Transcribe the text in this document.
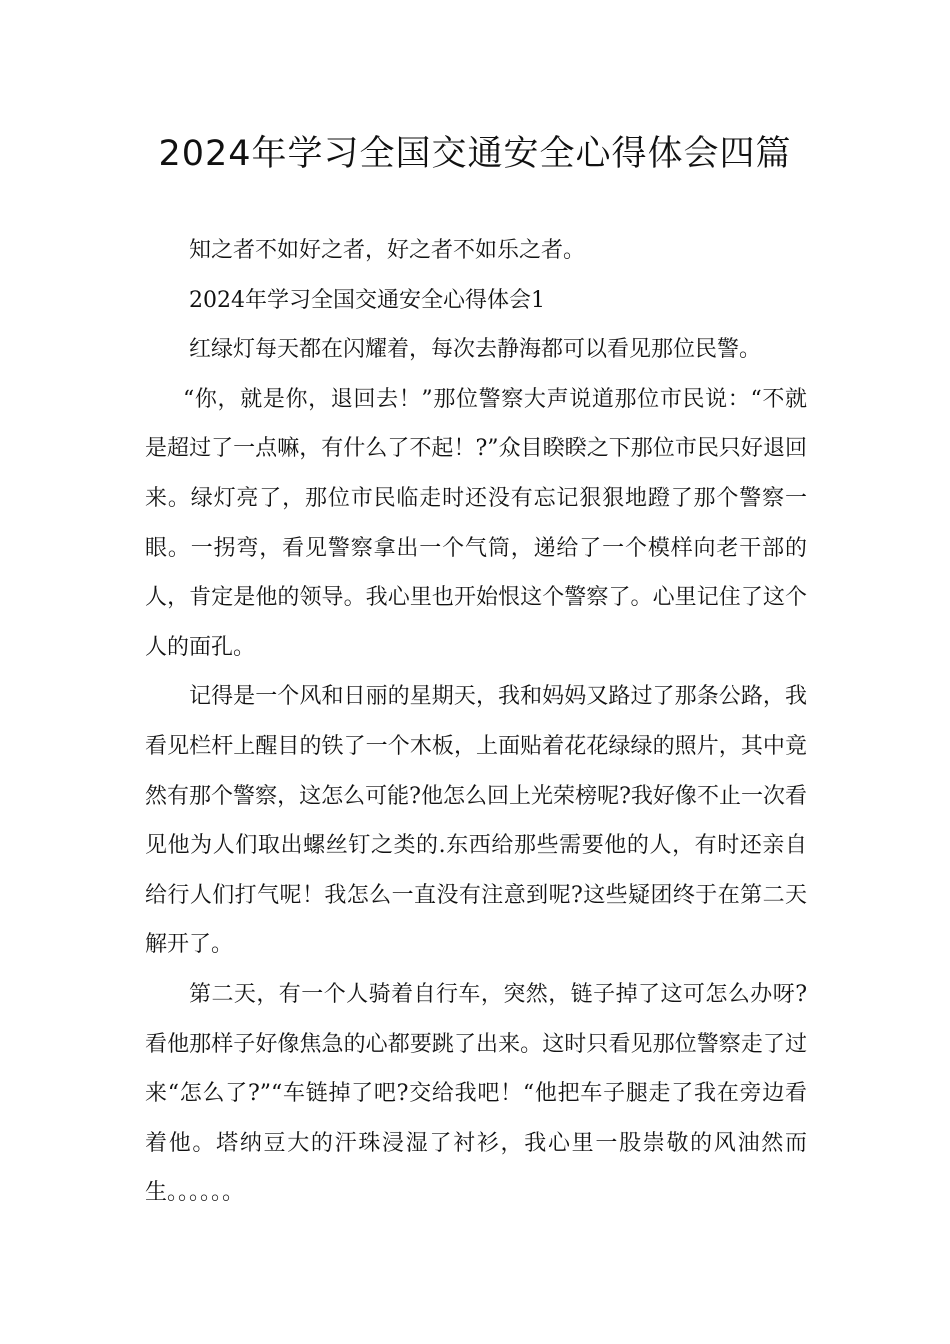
2024年学习全国交通安全心得体会四篇

知之者不如好之者，好之者不如乐之者。

2024年学习全国交通安全心得体会1

红绿灯每天都在闪耀着，每次去静海都可以看见那位民警。

“你，就是你，退回去！”那位警察大声说道那位市民说：“不就是超过了一点嘛，有什么了不起！?”众目睽睽之下那位市民只好退回来。绿灯亮了，那位市民临走时还没有忘记狠狠地蹬了那个警察一眼。一拐弯，看见警察拿出一个气筒，递给了一个模样向老干部的人，肯定是他的领导。我心里也开始恨这个警察了。心里记住了这个人的面孔。

记得是一个风和日丽的星期天，我和妈妈又路过了那条公路，我看见栏杆上醒目的铁了一个木板，上面贴着花花绿绿的照片，其中竟然有那个警察，这怎么可能?他怎么回上光荣榜呢?我好像不止一次看见他为人们取出螺丝钉之类的.东西给那些需要他的人，有时还亲自给行人们打气呢！我怎么一直没有注意到呢?这些疑团终于在第二天解开了。

第二天，有一个人骑着自行车，突然，链子掉了这可怎么办呀?看他那样子好像焦急的心都要跳了出来。这时只看见那位警察走了过来“怎么了?”“车链掉了吧?交给我吧！“他把车子腿走了我在旁边看着他。塔纳豆大的汗珠浸湿了衬衫，我心里一股崇敬的风油然而生。。。。。。
